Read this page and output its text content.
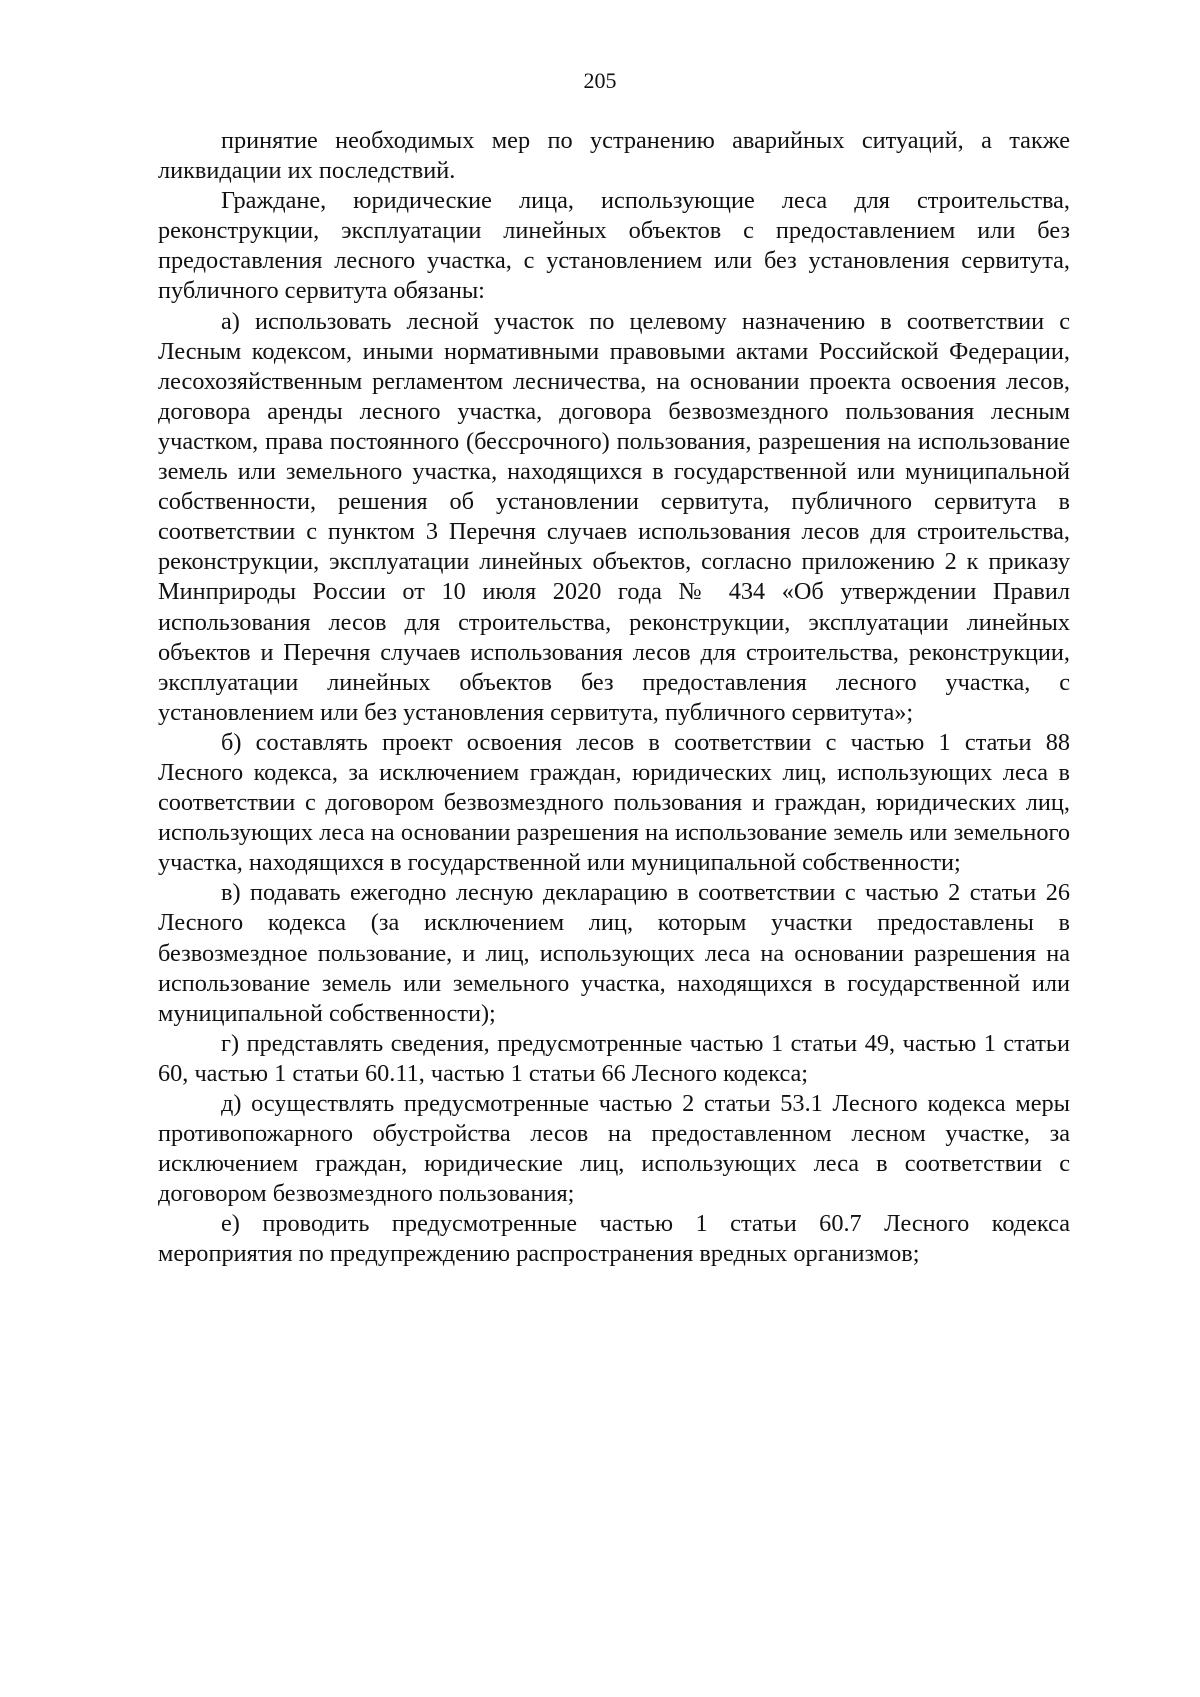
205

принятие необходимых мер по устранению аварийных ситуаций, а также ликвидации их последствий.

Граждане, юридические лица, использующие леса для строительства, реконструкции, эксплуатации линейных объектов с предоставлением или без предоставления лесного участка, с установлением или без установления сервитута, публичного сервитута обязаны:

а) использовать лесной участок по целевому назначению в соответствии с Лесным кодексом, иными нормативными правовыми актами Российской Федерации, лесохозяйственным регламентом лесничества, на основании проекта освоения лесов, договора аренды лесного участка, договора безвозмездного пользования лесным участком, права постоянного (бессрочного) пользования, разрешения на использование земель или земельного участка, находящихся в государственной или муниципальной собственности, решения об установлении сервитута, публичного сервитута в соответствии с пунктом 3 Перечня случаев использования лесов для строительства, реконструкции, эксплуатации линейных объектов, согласно приложению 2 к приказу Минприроды России от 10 июля 2020 года № 434 «Об утверждении Правил использования лесов для строительства, реконструкции, эксплуатации линейных объектов и Перечня случаев использования лесов для строительства, реконструкции, эксплуатации линейных объектов без предоставления лесного участка, с установлением или без установления сервитута, публичного сервитута»;

б) составлять проект освоения лесов в соответствии с частью 1 статьи 88 Лесного кодекса, за исключением граждан, юридических лиц, использующих леса в соответствии с договором безвозмездного пользования и граждан, юридических лиц, использующих леса на основании разрешения на использование земель или земельного участка, находящихся в государственной или муниципальной собственности;

в) подавать ежегодно лесную декларацию в соответствии с частью 2 статьи 26 Лесного кодекса (за исключением лиц, которым участки предоставлены в безвозмездное пользование, и лиц, использующих леса на основании разрешения на использование земель или земельного участка, находящихся в государственной или муниципальной собственности);

г) представлять сведения, предусмотренные частью 1 статьи 49, частью 1 статьи 60, частью 1 статьи 60.11, частью 1 статьи 66 Лесного кодекса;

д) осуществлять предусмотренные частью 2 статьи 53.1 Лесного кодекса меры противопожарного обустройства лесов на предоставленном лесном участке, за исключением граждан, юридические лиц, использующих леса в соответствии с договором безвозмездного пользования;

е) проводить предусмотренные частью 1 статьи 60.7 Лесного кодекса мероприятия по предупреждению распространения вредных организмов;
